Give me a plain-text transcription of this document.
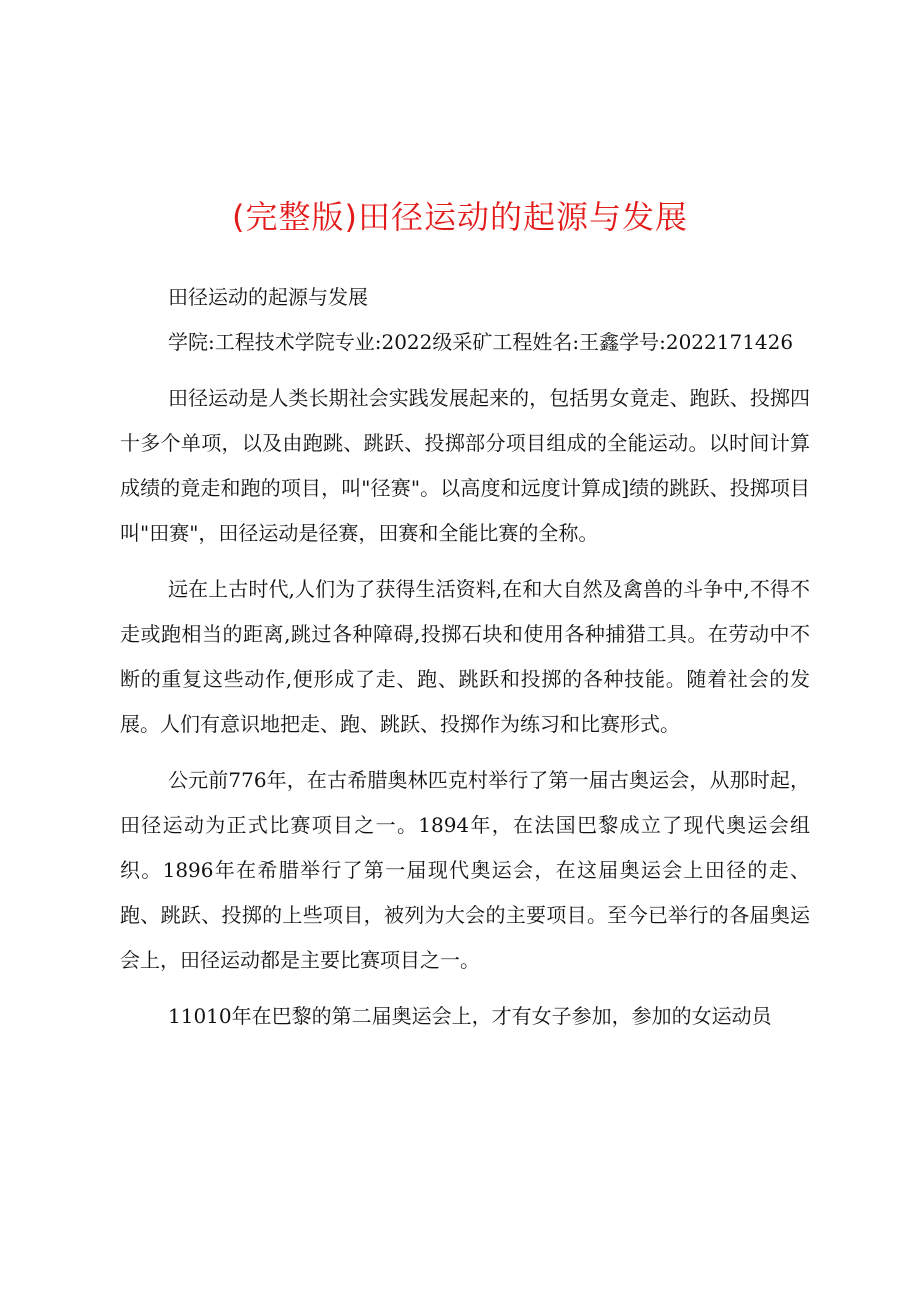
(完整版)田径运动的起源与发展

田径运动的起源与发展

学院:工程技术学院专业:2022级采矿工程姓名:王鑫学号:2022171426

田径运动是人类长期社会实践发展起来的，包括男女竟走、跑跃、投掷四十多个单项，以及由跑跳、跳跃、投掷部分项目组成的全能运动。以时间计算成绩的竟走和跑的项目，叫"径赛"。以高度和远度计算成]绩的跳跃、投掷项目叫"田赛"，田径运动是径赛，田赛和全能比赛的全称。

远在上古时代,人们为了获得生活资料,在和大自然及禽兽的斗争中,不得不走或跑相当的距离,跳过各种障碍,投掷石块和使用各种捕猎工具。在劳动中不断的重复这些动作,便形成了走、跑、跳跃和投掷的各种技能。随着社会的发展。人们有意识地把走、跑、跳跃、投掷作为练习和比赛形式。

公元前776年，在古希腊奥林匹克村举行了第一届古奥运会，从那时起，田径运动为正式比赛项目之一。1894年，在法国巴黎成立了现代奥运会组织。1896年在希腊举行了第一届现代奥运会，在这届奥运会上田径的走、跑、跳跃、投掷的上些项目，被列为大会的主要项目。至今已举行的各届奥运会上，田径运动都是主要比赛项目之一。

11010年在巴黎的第二届奥运会上，才有女子参加，参加的女运动员
